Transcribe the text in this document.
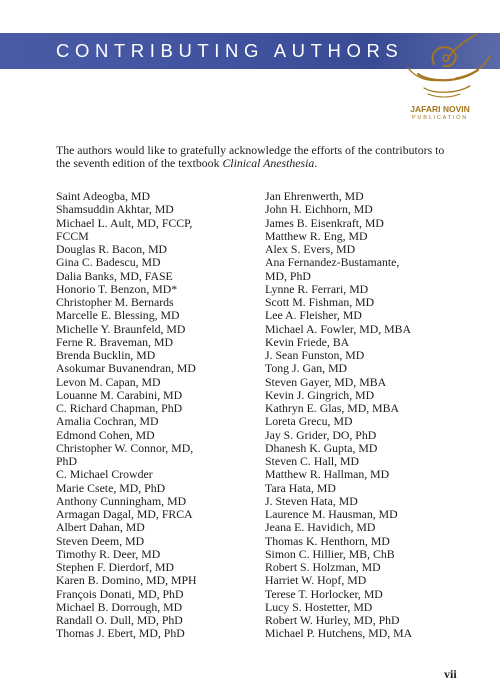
CONTRIBUTING AUTHORS
JAFARI NOVIN
PUBLICATION

The authors would like to gratefully acknowledge the efforts of the contributors to the seventh edition of the textbook Clinical Anesthesia.

Saint Adeogba, MD
Shamsuddin Akhtar, MD
Michael L. Ault, MD, FCCP,
FCCM
Douglas R. Bacon, MD
Gina C. Badescu, MD
Dalia Banks, MD, FASE
Honorio T. Benzon, MD*
Christopher M. Bernards
Marcelle E. Blessing, MD
Michelle Y. Braunfeld, MD
Ferne R. Braveman, MD
Brenda Bucklin, MD
Asokumar Buvanendran, MD
Levon M. Capan, MD
Louanne M. Carabini, MD
C. Richard Chapman, PhD
Amalia Cochran, MD
Edmond Cohen, MD
Christopher W. Connor, MD,
PhD
C. Michael Crowder
Marie Csete, MD, PhD
Anthony Cunningham, MD
Armagan Dagal, MD, FRCA
Albert Dahan, MD
Steven Deem, MD
Timothy R. Deer, MD
Stephen F. Dierdorf, MD
Karen B. Domino, MD, MPH
François Donati, MD, PhD
Michael B. Dorrough, MD
Randall O. Dull, MD, PhD
Thomas J. Ebert, MD, PhD
Jan Ehrenwerth, MD
John H. Eichhorn, MD
James B. Eisenkraft, MD
Matthew R. Eng, MD
Alex S. Evers, MD
Ana Fernandez-Bustamante,
MD, PhD
Lynne R. Ferrari, MD
Scott M. Fishman, MD
Lee A. Fleisher, MD
Michael A. Fowler, MD, MBA
Kevin Friede, BA
J. Sean Funston, MD
Tong J. Gan, MD
Steven Gayer, MD, MBA
Kevin J. Gingrich, MD
Kathryn E. Glas, MD, MBA
Loreta Grecu, MD
Jay S. Grider, DO, PhD
Dhanesh K. Gupta, MD
Steven C. Hall, MD
Matthew R. Hallman, MD
Tara Hata, MD
J. Steven Hata, MD
Laurence M. Hausman, MD
Jeana E. Havidich, MD
Thomas K. Henthorn, MD
Simon C. Hillier, MB, ChB
Robert S. Holzman, MD
Harriet W. Hopf, MD
Terese T. Horlocker, MD
Lucy S. Hostetter, MD
Robert W. Hurley, MD, PhD
Michael P. Hutchens, MD, MA
vii
